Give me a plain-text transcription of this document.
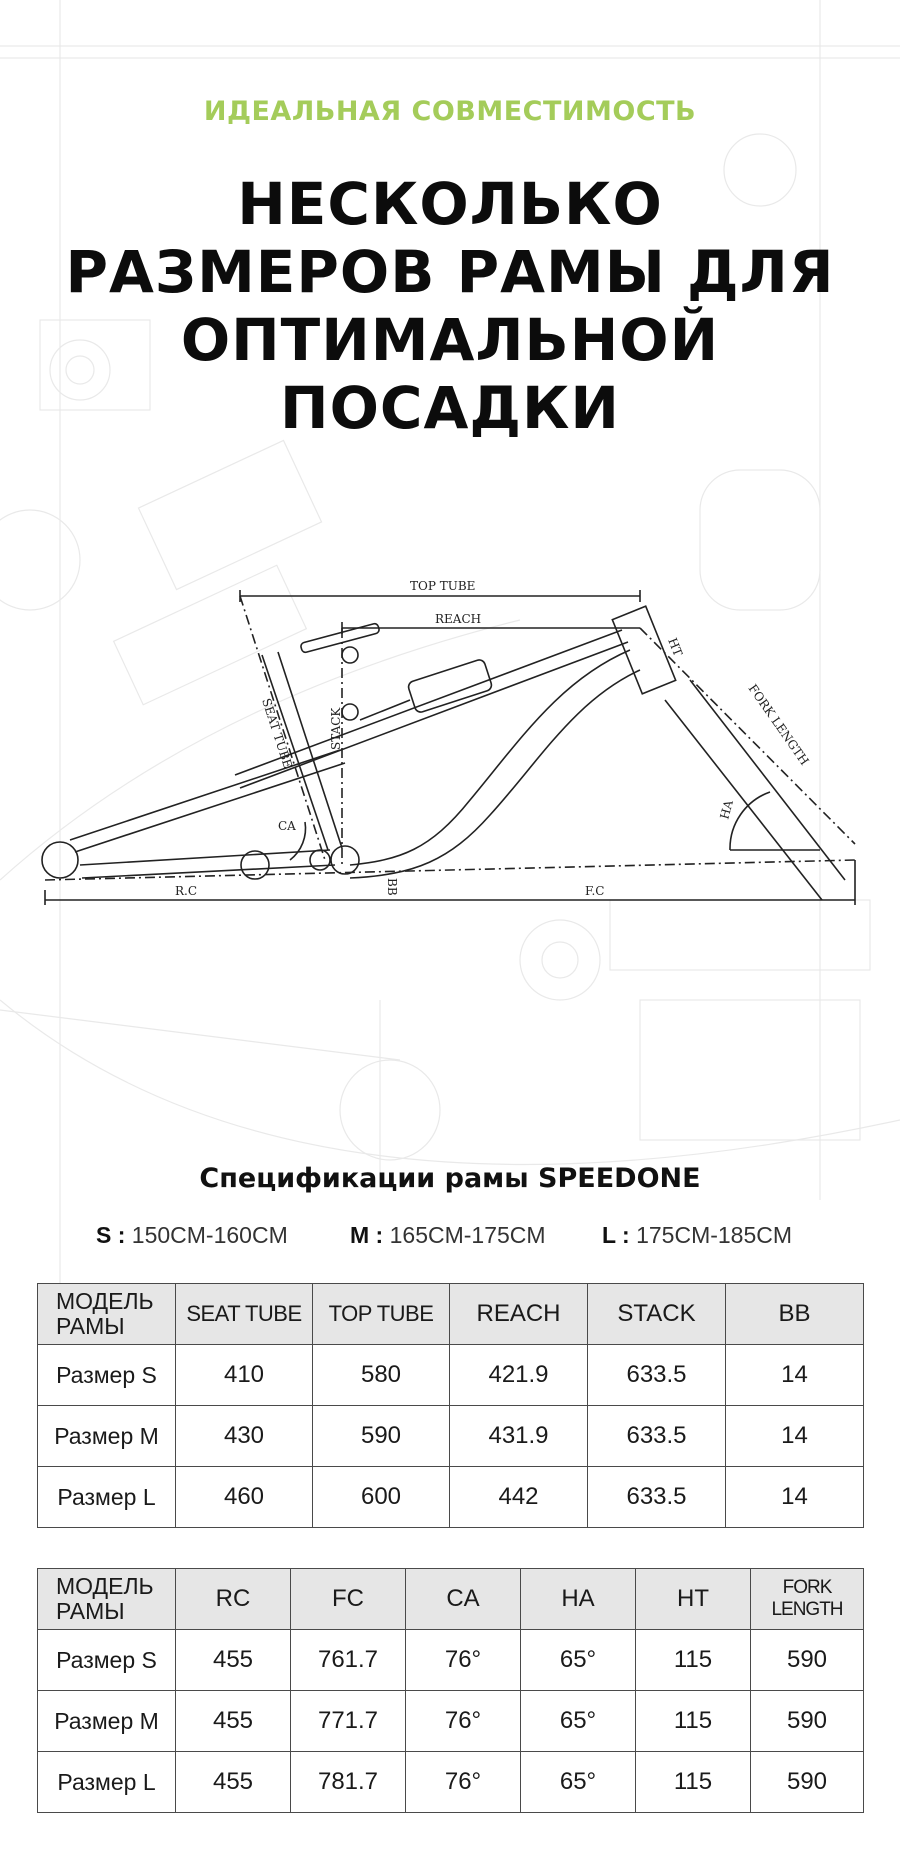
ИДЕАЛЬНАЯ СОВМЕСТИМОСТЬ
НЕСКОЛЬКО
РАЗМЕРОВ РАМЫ ДЛЯ
ОПТИМАЛЬНОЙ
ПОСАДКИ
TOP TUBE
REACH
STACK
SEAT TUBE	FORK LENGTH
HT
CA
HA
R.C	F.C
BB
Спецификации рамы SPEEDONE
S : 150CM-160CM	M : 165CM-175CM L : 175CM-185CM
МОДЕЛЬ
РАМЫ	SEAT TUBE	TOP TUBE	REACH	STACK	BB
Размер S	410	580	421.9	633.5	14
Размер M	430	590	431.9	633.5	14
Размер L	460	600	442	633.5	14
МОДЕЛЬ
РАМЫ	RC	FC	CA	HA	HT	FORK LENGTH
Размер S	455	761.7	76°	65°	115	590
Размер M	455	771.7	76°	65°	115	590
Размер L	455	781.7	76°	65°	115	590
